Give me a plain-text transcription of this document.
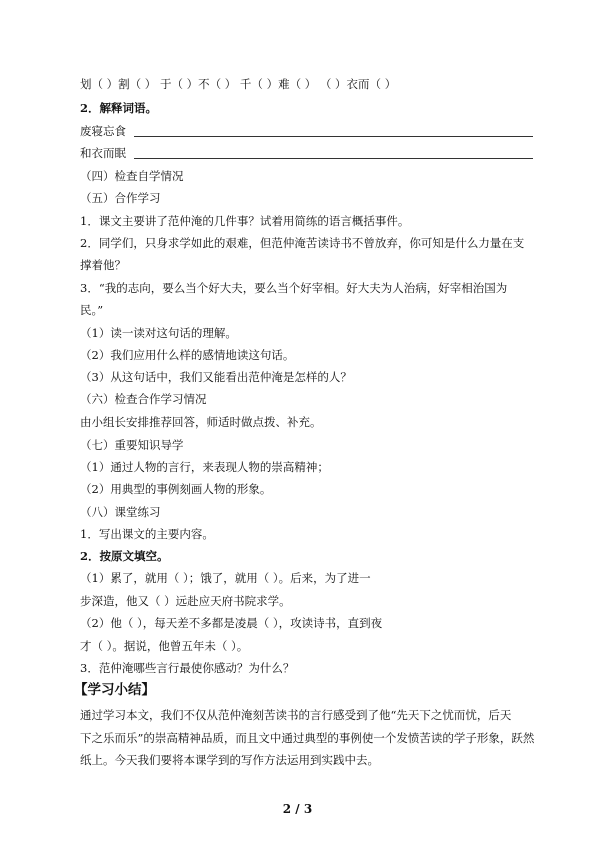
划（ ）割（ ） 于（ ）不（ ） 千（ ）难（ ） （ ）衣而（ ）
2．解释词语。
废寝忘食
和衣而眠
（四）检查自学情况
（五）合作学习
1．课文主要讲了范仲淹的几件事？试着用简练的语言概括事件。
2．同学们，只身求学如此的艰难，但范仲淹苦读诗书不曾放弃，你可知是什么力量在支
撑着他？
3．“我的志向，要么当个好大夫，要么当个好宰相。好大夫为人治病，好宰相治国为
民。”
（1）读一读对这句话的理解。
（2）我们应用什么样的感情地读这句话。
（3）从这句话中，我们又能看出范仲淹是怎样的人？
（六）检查合作学习情况
由小组长安排推荐回答，师适时做点拨、补充。
（七）重要知识导学
（1）通过人物的言行，来表现人物的崇高精神；
（2）用典型的事例刻画人物的形象。
（八）课堂练习
1．写出课文的主要内容。
2．按原文填空。
（1）累了，就用（ ）；饿了，就用（ ）。后来，为了进一
步深造，他又（ ）远赴应天府书院求学。
（2）他（ ），每天差不多都是凌晨（ ），攻读诗书，直到夜
才（ ）。据说，他曾五年未（ ）。
3．范仲淹哪些言行最使你感动？为什么？
【学习小结】
通过学习本文，我们不仅从范仲淹刻苦读书的言行感受到了他“先天下之忧而忧，后天
下之乐而乐”的崇高精神品质，而且文中通过典型的事例使一个发愤苦读的学子形象，跃然
纸上。今天我们要将本课学到的写作方法运用到实践中去。
2 / 3
